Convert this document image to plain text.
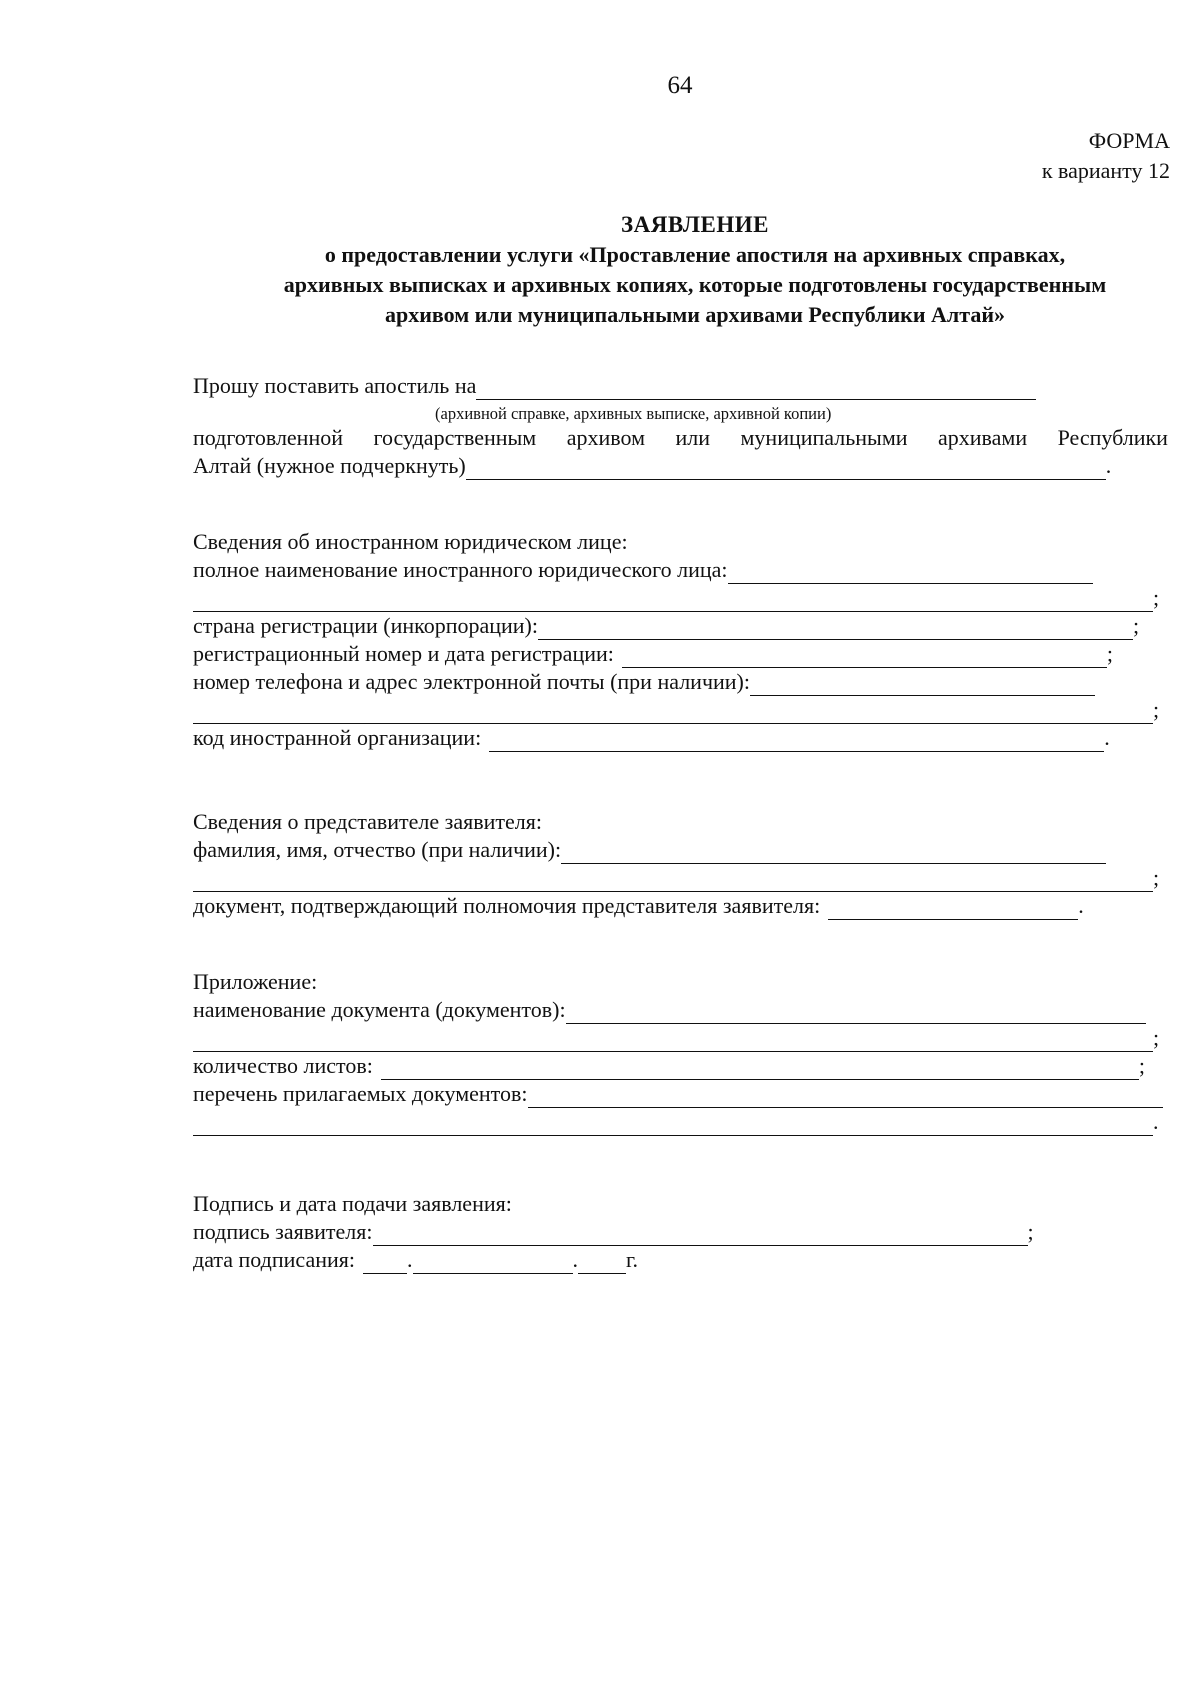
64
ФОРМА
к варианту 12
ЗАЯВЛЕНИЕ
о предоставлении услуги «Проставление апостиля на архивных справках,
архивных выписках и архивных копиях, которые подготовлены государственным
архивом или муниципальными архивами Республики Алтай»
Прошу поставить апостиль на
(архивной справке, архивных выписке, архивной копии)
подготовленной государственным архивом или муниципальными архивами Республики
Алтай (нужное подчеркнуть)	.
Сведения об иностранном юридическом лице:
полное наименование иностранного юридического лица:
;
страна регистрации (инкорпорации):	;
регистрационный номер и дата регистрации:	;
номер телефона и адрес электронной почты (при наличии):
;
код иностранной организации:	.
Сведения о представителе заявителя:
фамилия, имя, отчество (при наличии):
;
документ, подтверждающий полномочия представителя заявителя:	.
Приложение:
наименование документа (документов):
;
количество листов:	;
перечень прилагаемых документов:
.
Подпись и дата подачи заявления:
подпись заявителя:	;
дата подписания: .	. г.
